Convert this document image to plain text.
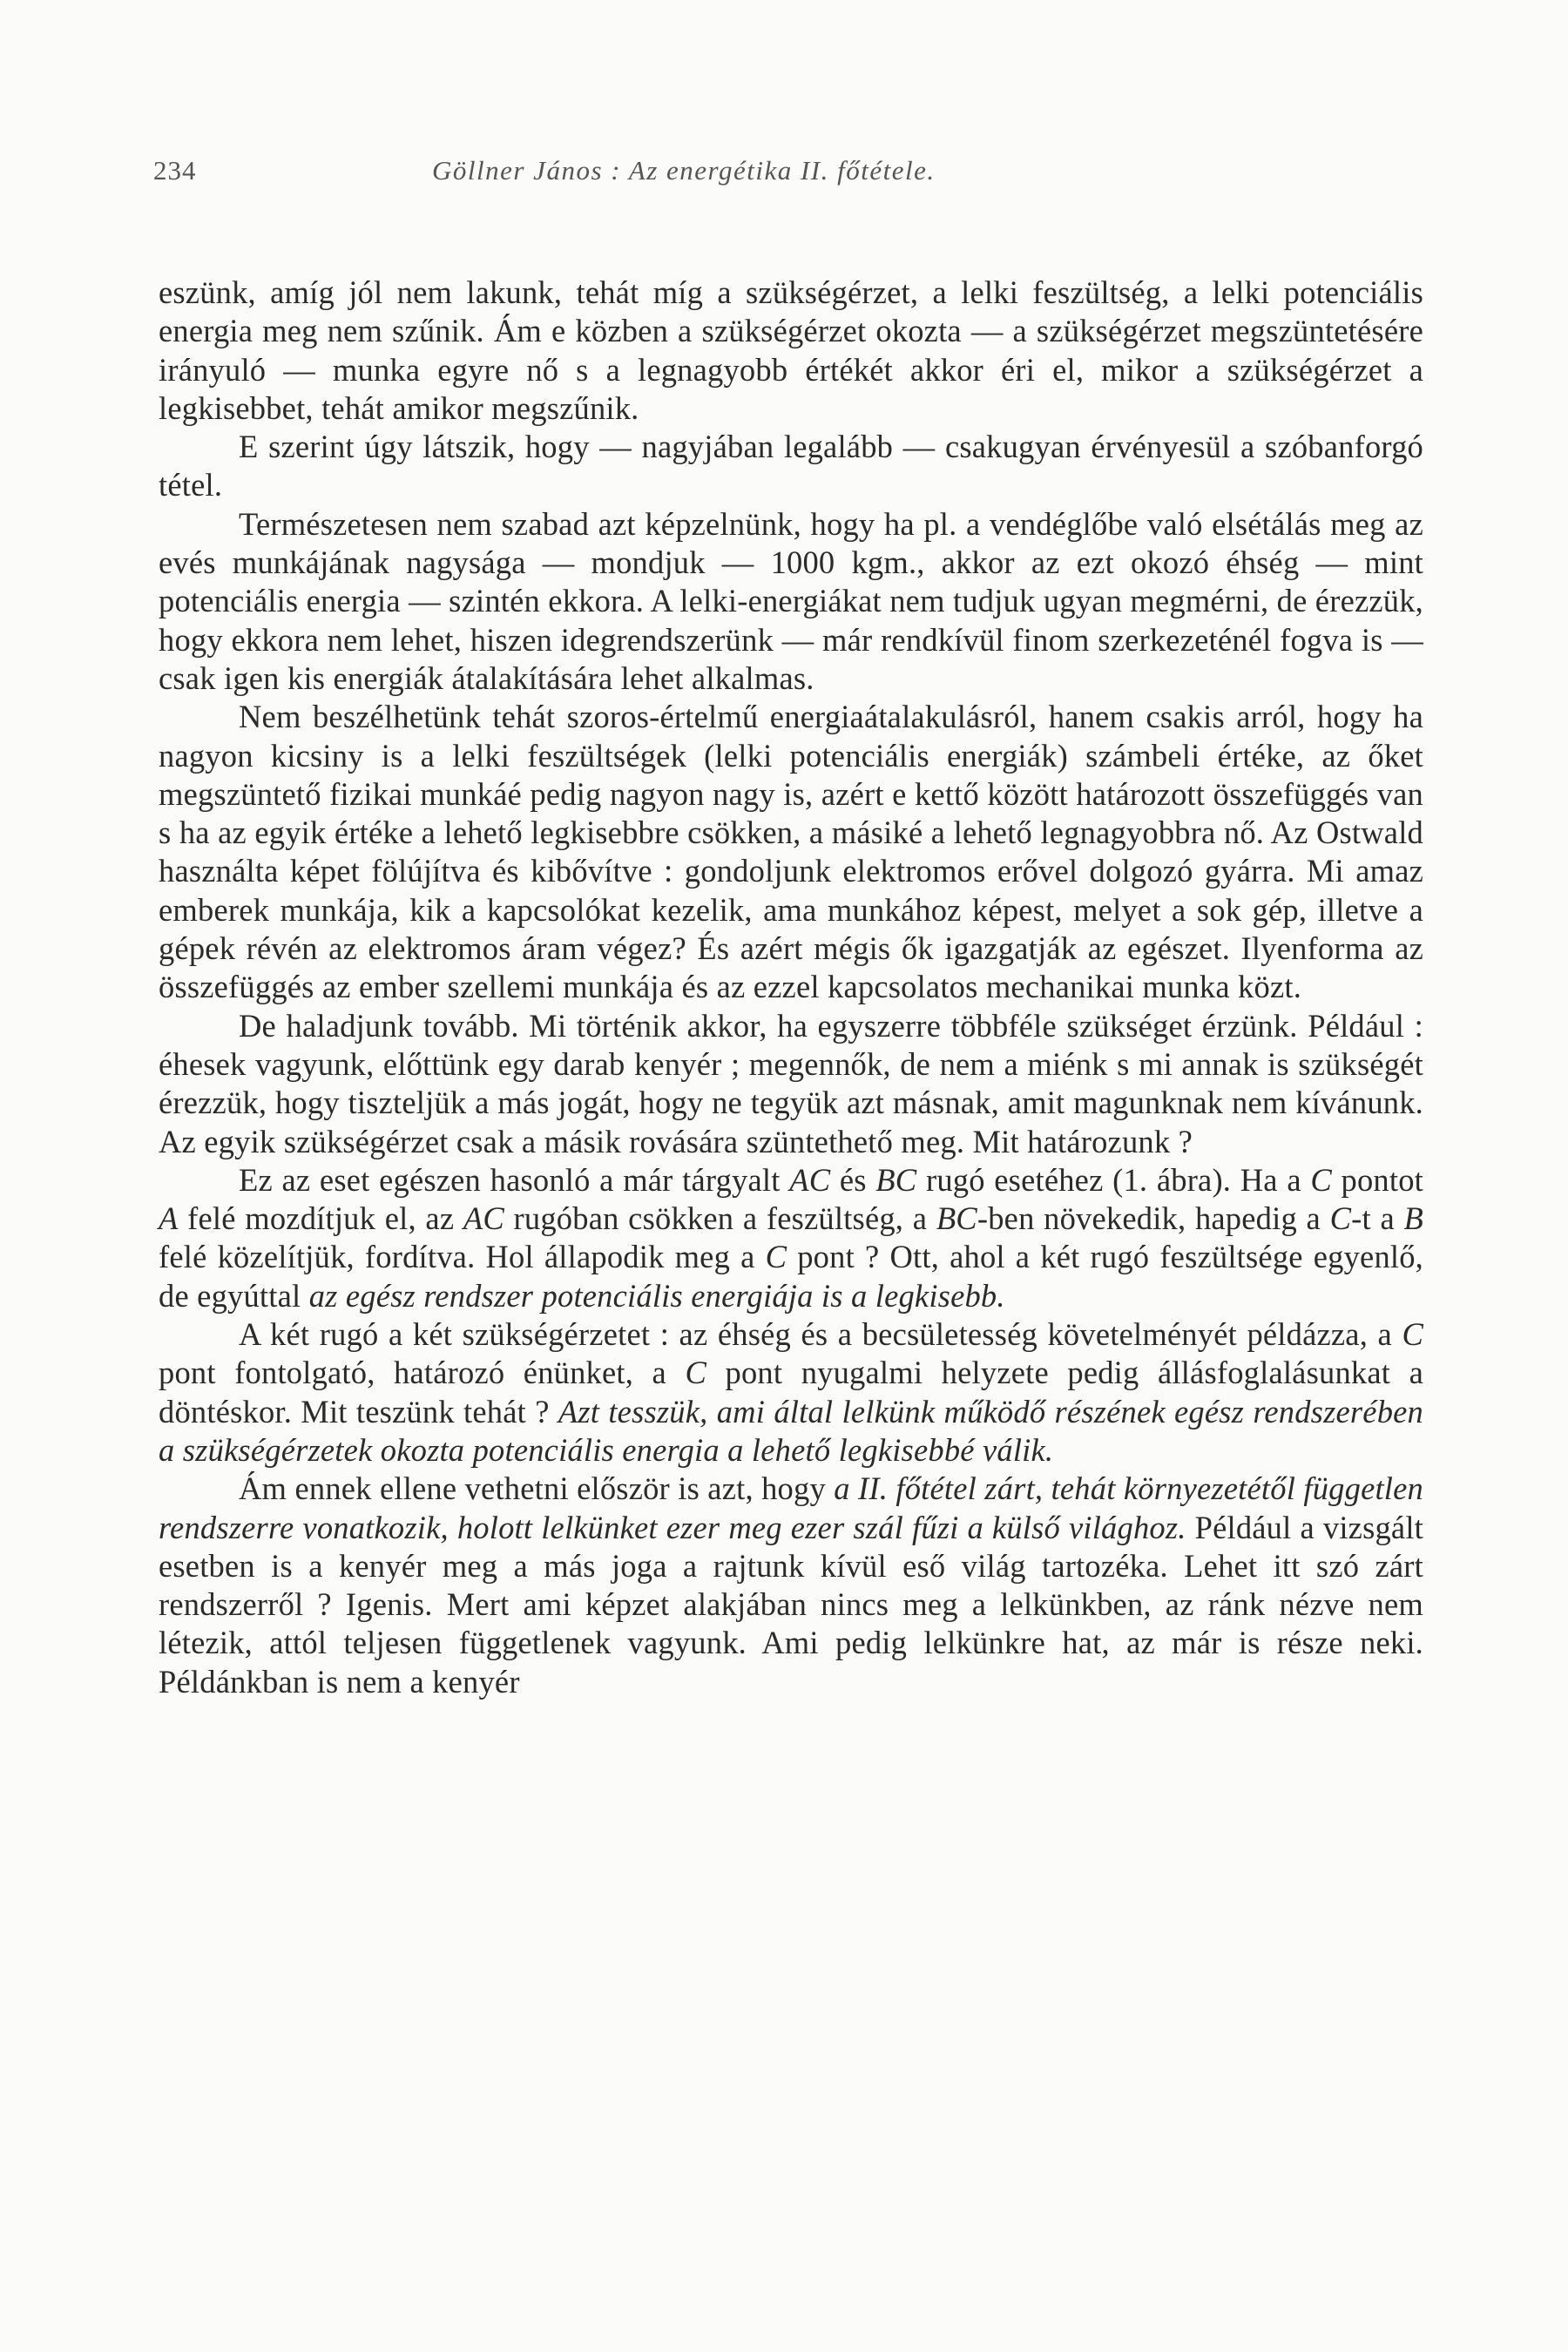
234	Göllner János : Az energétika II. főtétele.

eszünk, amíg jól nem lakunk, tehát míg a szükségérzet, a lelki feszültség, a lelki potenciális energia meg nem szűnik. Ám e közben a szükségérzet okozta — a szükségérzet megszüntetésére irányuló — munka egyre nő s a legnagyobb értékét akkor éri el, mikor a szükségérzet a legkisebbet, tehát amikor megszűnik.

E szerint úgy látszik, hogy — nagyjában legalább — csakugyan érvényesül a szóbanforgó tétel.

Természetesen nem szabad azt képzelnünk, hogy ha pl. a vendéglőbe való elsétálás meg az evés munkájának nagysága — mondjuk — 1000 kgm., akkor az ezt okozó éhség — mint potenciális energia — szintén ekkora. A lelki-energiákat nem tudjuk ugyan megmérni, de érezzük, hogy ekkora nem lehet, hiszen idegrendszerünk — már rendkívül finom szerkezeténél fogva is — csak igen kis energiák átalakítására lehet alkalmas.

Nem beszélhetünk tehát szoros-értelmű energiaátalakulásról, hanem csakis arról, hogy ha nagyon kicsiny is a lelki feszültségek (lelki potenciális energiák) számbeli értéke, az őket megszüntető fizikai munkáé pedig nagyon nagy is, azért e kettő között határozott összefüggés van s ha az egyik értéke a lehető legkisebbre csökken, a másiké a lehető legnagyobbra nő. Az Ostwald használta képet fölújítva és kibővítve : gondoljunk elektromos erővel dolgozó gyárra. Mi amaz emberek munkája, kik a kapcsolókat kezelik, ama munkához képest, melyet a sok gép, illetve a gépek révén az elektromos áram végez? És azért mégis ők igazgatják az egészet. Ilyenforma az összefüggés az ember szellemi munkája és az ezzel kapcsolatos mechanikai munka közt.

De haladjunk tovább. Mi történik akkor, ha egyszerre többféle szükséget érzünk. Például : éhesek vagyunk, előttünk egy darab kenyér ; megennők, de nem a miénk s mi annak is szükségét érezzük, hogy tiszteljük a más jogát, hogy ne tegyük azt másnak, amit magunknak nem kívánunk. Az egyik szükségérzet csak a másik rovására szüntethető meg. Mit határozunk ?

Ez az eset egészen hasonló a már tárgyalt AC és BC rugó esetéhez (1. ábra). Ha a C pontot A felé mozdítjuk el, az AC rugóban csökken a feszültség, a BC-ben növekedik, hapedig a C-t a B felé közelítjük, fordítva. Hol állapodik meg a C pont ? Ott, ahol a két rugó feszültsége egyenlő, de egyúttal az egész rendszer potenciális energiája is a legkisebb.

A két rugó a két szükségérzetet : az éhség és a becsületesség követelményét példázza, a C pont fontolgató, határozó énünket, a C pont nyugalmi helyzete pedig állásfoglalásunkat a döntéskor. Mit teszünk tehát ? Azt tesszük, ami által lelkünk működő részének egész rendszerében a szükségérzetek okozta potenciális energia a lehető legkisebbé válik.

Ám ennek ellene vethetni először is azt, hogy a II. főtétel zárt, tehát környezetétől független rendszerre vonatkozik, holott lelkünket ezer meg ezer szál fűzi a külső világhoz. Például a vizsgált esetben is a kenyér meg a más joga a rajtunk kívül eső világ tartozéka. Lehet itt szó zárt rendszerről ? Igenis. Mert ami képzet alakjában nincs meg a lelkünkben, az ránk nézve nem létezik, attól teljesen függetlenek vagyunk. Ami pedig lelkünkre hat, az már is része neki. Példánkban is nem a kenyér
